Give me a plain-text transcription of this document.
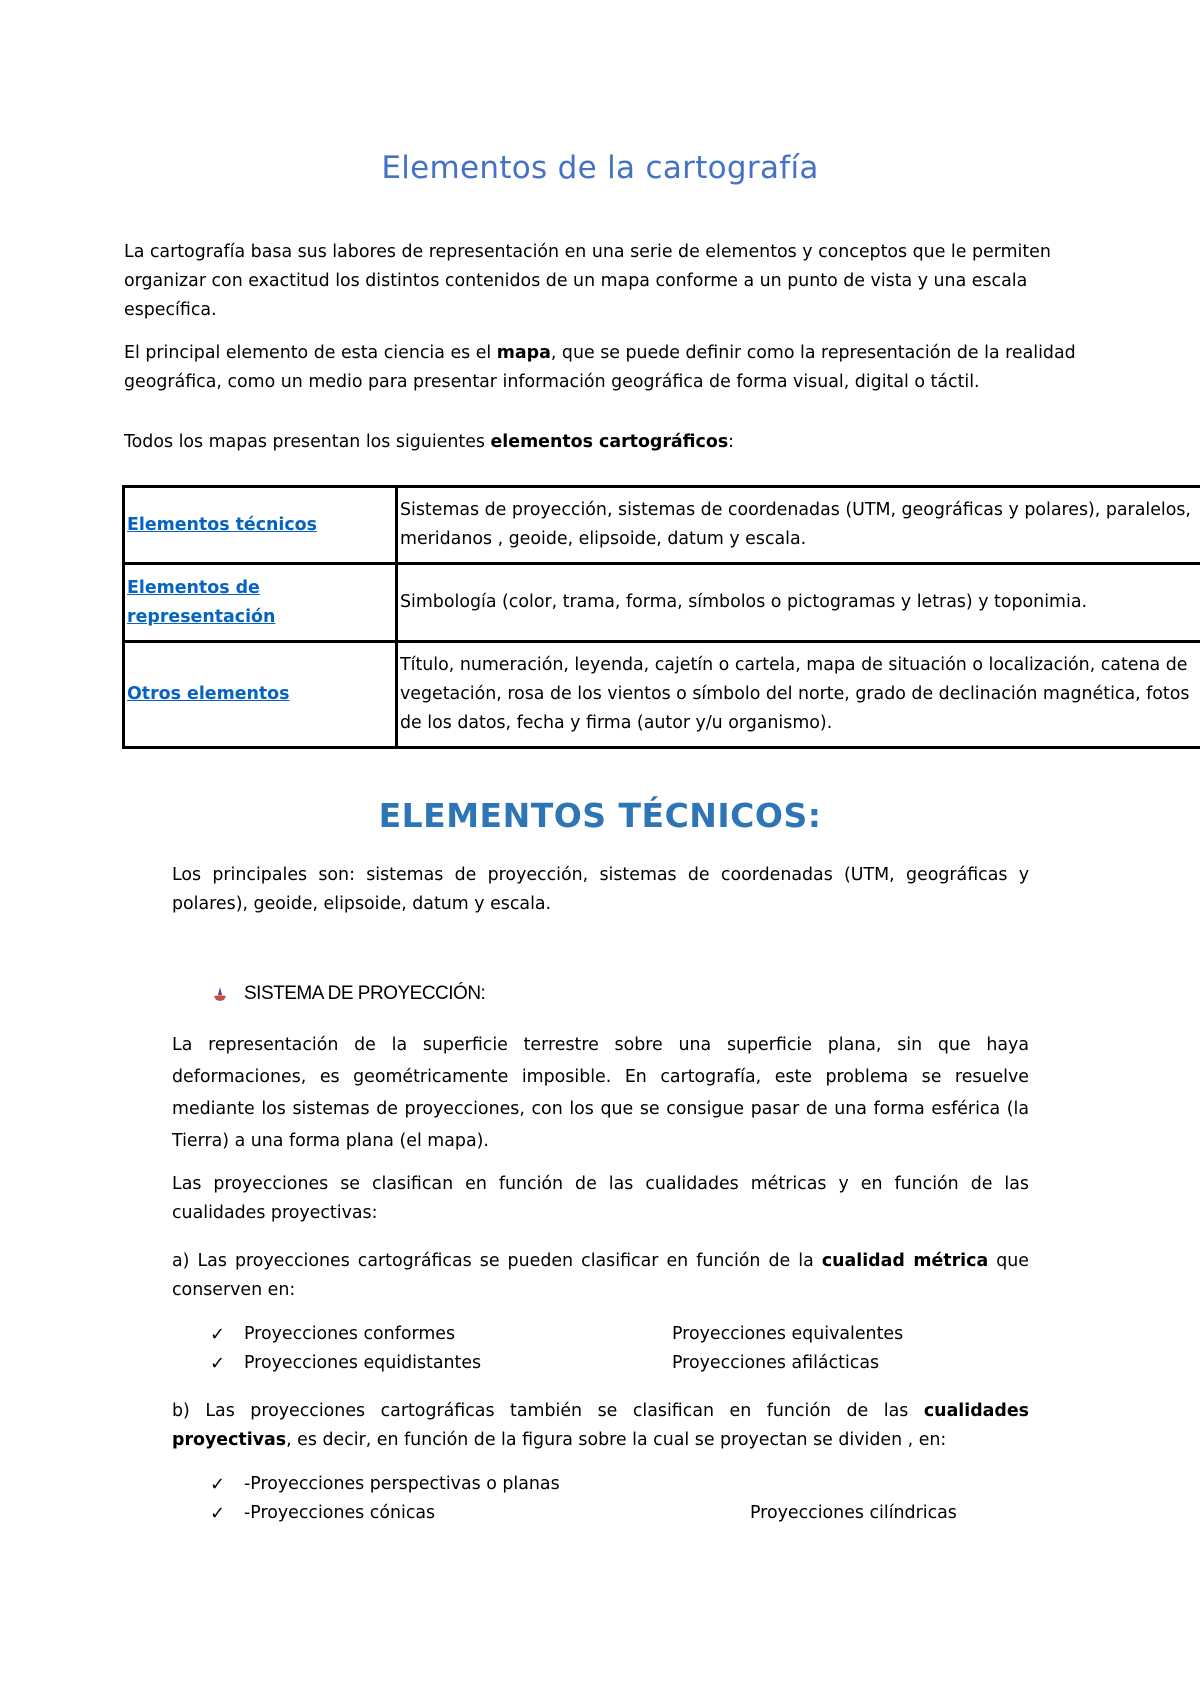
Elementos de la cartografía

La cartografía basa sus labores de representación en una serie de elementos y conceptos que le permiten organizar con exactitud los distintos contenidos de un mapa conforme a un punto de vista y una escala específica.

El principal elemento de esta ciencia es el mapa, que se puede definir como la representación de la realidad geográfica, como un medio para presentar información geográfica de forma visual, digital o táctil.

Todos los mapas presentan los siguientes elementos cartográficos:

Elementos técnicos	Sistemas de proyección, sistemas de coordenadas (UTM, geográficas y polares), paralelos, meridanos , geoide, elipsoide, datum y escala.
Elementos de representación	Simbología (color, trama, forma, símbolos o pictogramas y letras) y toponimia.
Otros elementos	Título, numeración, leyenda, cajetín o cartela, mapa de situación o localización, catena de vegetación, rosa de los vientos o símbolo del norte, grado de declinación magnética, fotos de los datos, fecha y firma (autor y/u organismo).
ELEMENTOS TÉCNICOS:

Los principales son: sistemas de proyección, sistemas de coordenadas (UTM, geográficas y polares), geoide, elipsoide, datum y escala.

SISTEMA DE PROYECCIÓN:

La representación de la superficie terrestre sobre una superficie plana, sin que haya deformaciones, es geométricamente imposible. En cartografía, este problema se resuelve mediante los sistemas de proyecciones, con los que se consigue pasar de una forma esférica (la Tierra) a una forma plana (el mapa).

Las proyecciones se clasifican en función de las cualidades métricas y en función de las cualidades proyectivas:

a) Las proyecciones cartográficas se pueden clasificar en función de la cualidad métrica que conserven en:

✓ Proyecciones conformes	Proyecciones equivalentes
✓ Proyecciones equidistantes	Proyecciones afilácticas

b) Las proyecciones cartográficas también se clasifican en función de las cualidades proyectivas, es decir, en función de la figura sobre la cual se proyectan se dividen , en:

✓ -Proyecciones perspectivas o planas
✓ -Proyecciones cónicas	Proyecciones cilíndricas
